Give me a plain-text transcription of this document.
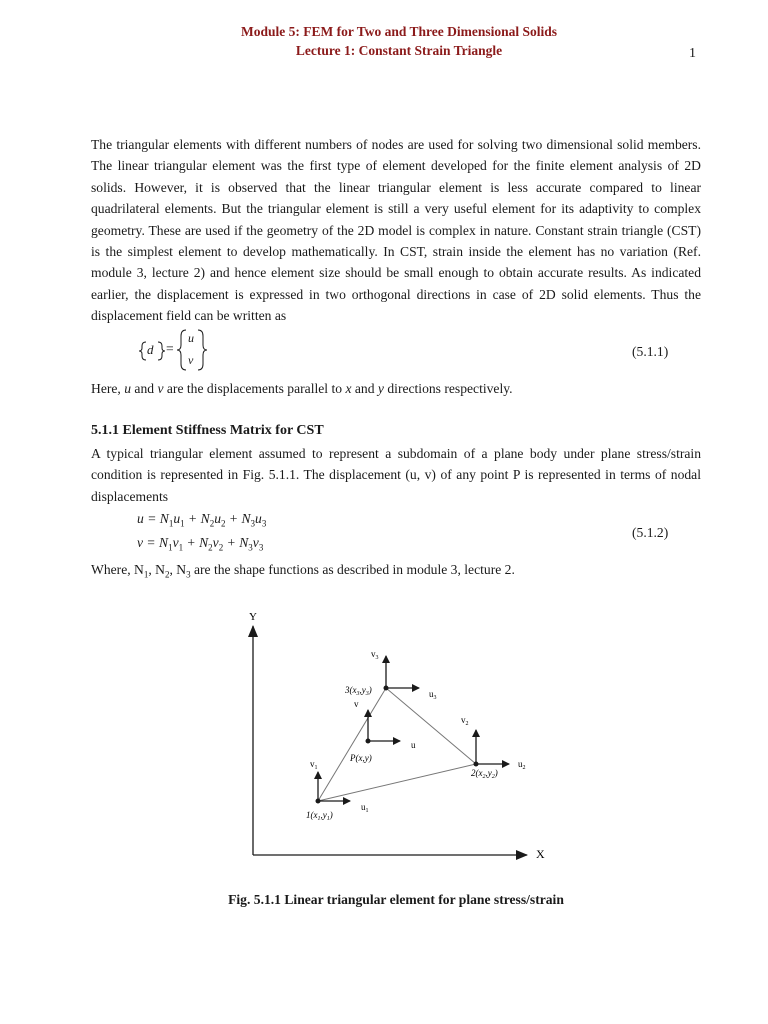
Module 5: FEM for Two and Three Dimensional Solids
Lecture 1: Constant Strain Triangle	1

The triangular elements with different numbers of nodes are used for solving two dimensional solid members. The linear triangular element was the first type of element developed for the finite element analysis of 2D solids. However, it is observed that the linear triangular element is less accurate compared to linear quadrilateral elements. But the triangular element is still a very useful element for its adaptivity to complex geometry. These are used if the geometry of the 2D model is complex in nature. Constant strain triangle (CST) is the simplest element to develop mathematically. In CST, strain inside the element has no variation (Ref. module 3, lecture 2) and hence element size should be small enough to obtain accurate results. As indicated earlier, the displacement is expressed in two orthogonal directions in case of 2D solid elements. Thus the displacement field can be written as

d =
u
v
(5.1.1)
Here, u and v are the displacements parallel to x and y directions respectively.
5.1.1 Element Stiffness Matrix for CST

A typical triangular element assumed to represent a subdomain of a plane body under plane stress/strain condition is represented in Fig. 5.1.1. The displacement (u, v) of any point P is represented in terms of nodal displacements

$u = N_1u_1 + N_2u_2 + N_3u_3$
$v = N_1v_1 + N_2v_2 + N_3v_3$
(5.1.2)
Where, $N_1$, $N_2$, $N_3$ are the shape functions as described in module 3, lecture 2.
Y
X
$v_1$
$u_1$
$1(x_1,y_1)$
$v_2$
$u_2$
$2(x_2,y_2)$
$v_3$
$u_3$
$3(x_3,y_3)$
v
u
P(x,y)
Fig. 5.1.1 Linear triangular element for plane stress/strain
